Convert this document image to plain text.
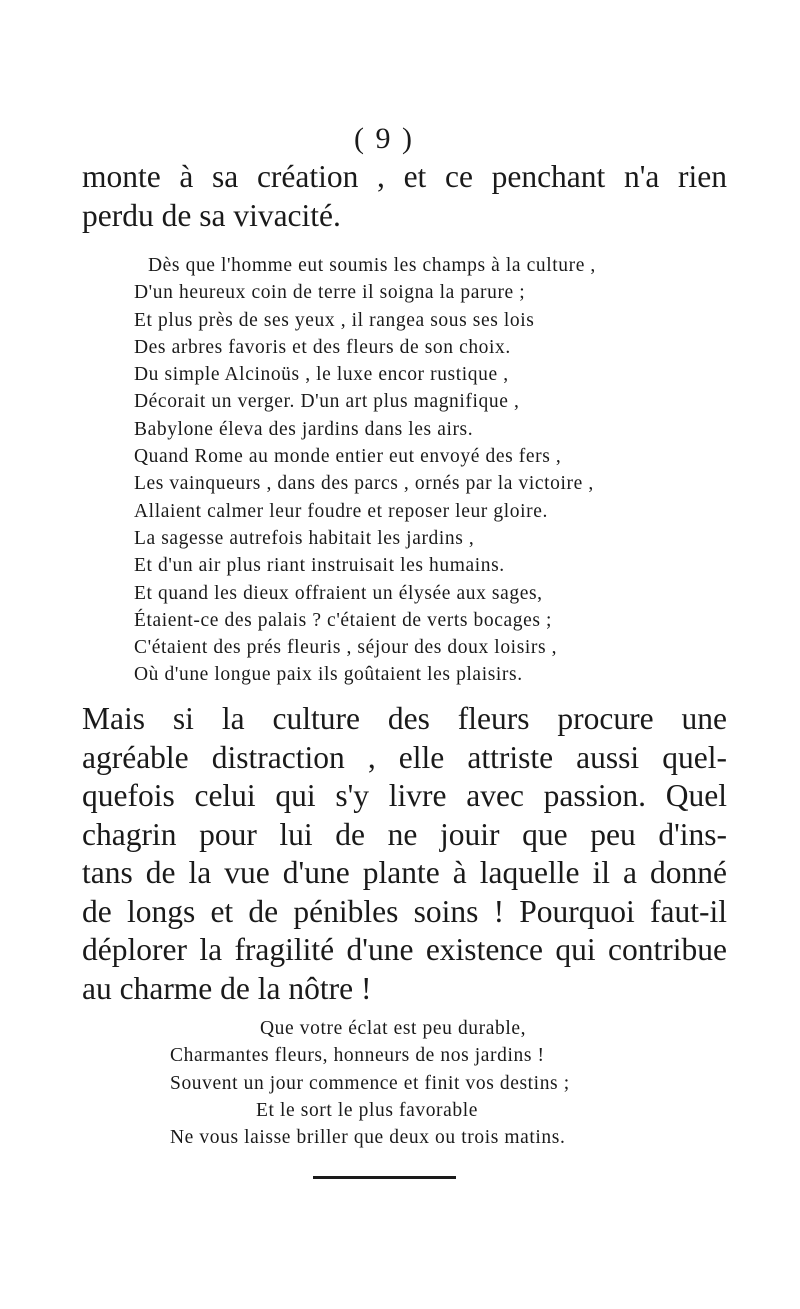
( 9 )
monte à sa création , et ce penchant n'a rien
perdu de sa vivacité.
Dès que l'homme eut soumis les champs à la culture ,
D'un heureux coin de terre il soigna la parure ;
Et plus près de ses yeux , il rangea sous ses lois
Des arbres favoris et des fleurs de son choix.
Du simple Alcinoüs , le luxe encor rustique ,
Décorait un verger. D'un art plus magnifique ,
Babylone éleva des jardins dans les airs.
Quand Rome au monde entier eut envoyé des fers ,
Les vainqueurs , dans des parcs , ornés par la victoire ,
Allaient calmer leur foudre et reposer leur gloire.
La sagesse autrefois habitait les jardins ,
Et d'un air plus riant instruisait les humains.
Et quand les dieux offraient un élysée aux sages,
Étaient-ce des palais ? c'étaient de verts bocages ;
C'étaient des prés fleuris , séjour des doux loisirs ,
Où d'une longue paix ils goûtaient les plaisirs.
Mais si la culture des fleurs procure une
agréable distraction , elle attriste aussi quel-
quefois celui qui s'y livre avec passion. Quel
chagrin pour lui de ne jouir que peu d'ins-
tans de la vue d'une plante à laquelle il a donné
de longs et de pénibles soins ! Pourquoi faut-il
déplorer la fragilité d'une existence qui contribue
au charme de la nôtre !
Que votre éclat est peu durable,
Charmantes fleurs, honneurs de nos jardins !
Souvent un jour commence et finit vos destins ;
Et le sort le plus favorable
Ne vous laisse briller que deux ou trois matins.
